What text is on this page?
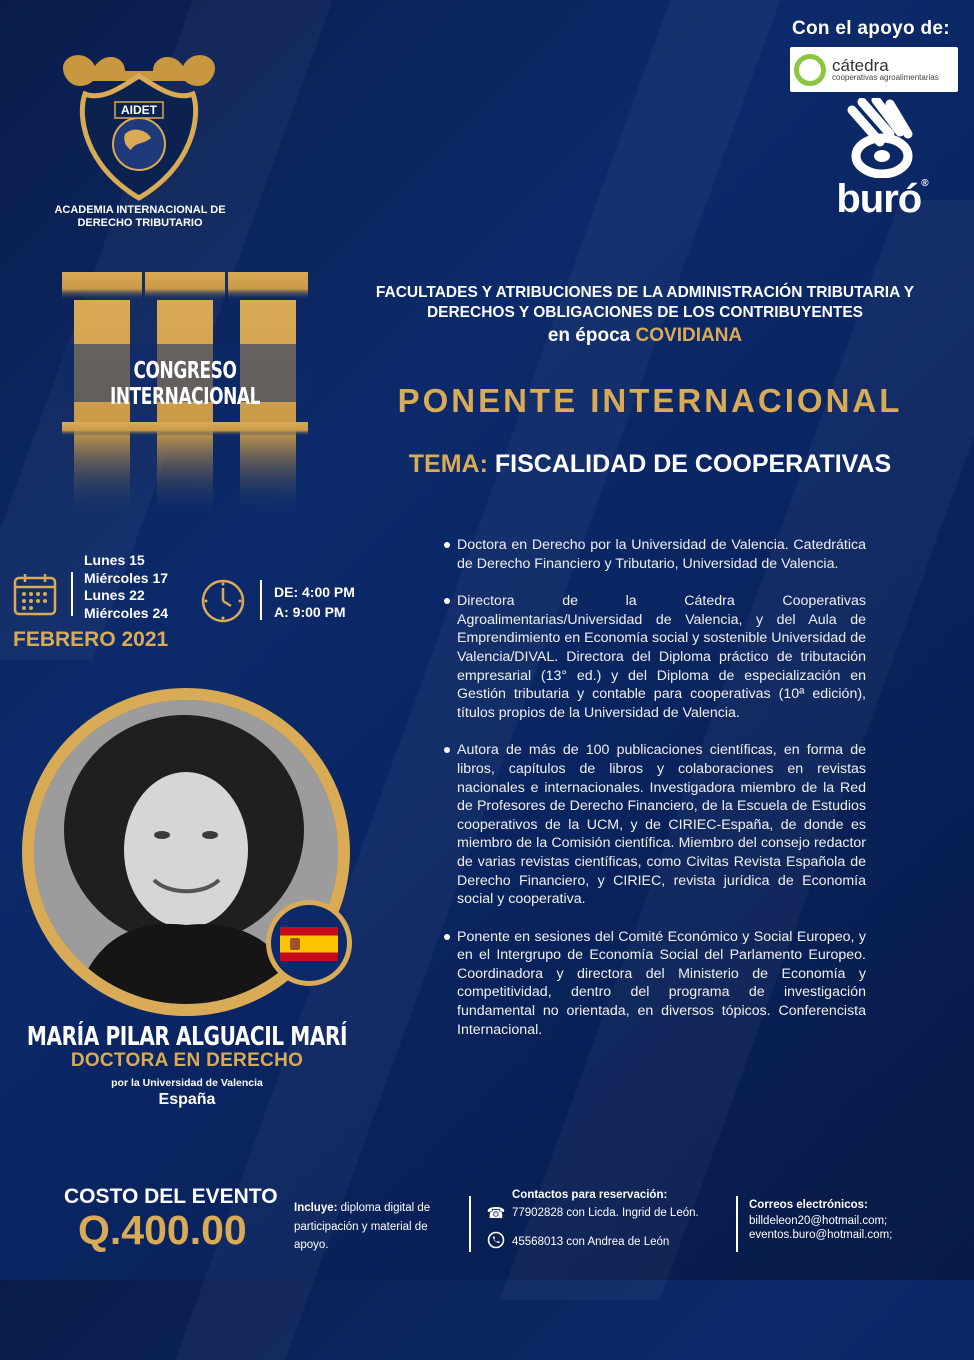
Con el apoyo de:
cátedra
cooperativas agroalimentarias
buró®
AIDET
ACADEMIA INTERNACIONAL DE
DERECHO TRIBUTARIO
CONGRESO INTERNACIONAL
Lunes 15
Miércoles 17
Lunes 22
Miércoles 24
DE: 4:00 PM
A: 9:00 PM
FEBRERO 2021
MARÍA PILAR ALGUACIL MARÍ
DOCTORA EN DERECHO
por la Universidad de Valencia
España
FACULTADES Y ATRIBUCIONES DE LA ADMINISTRACIÓN TRIBUTARIA Y
DERECHOS Y OBLIGACIONES DE LOS CONTRIBUYENTES
en época COVIDIANA
PONENTE INTERNACIONAL
TEMA: FISCALIDAD DE COOPERATIVAS
Doctora en Derecho por la Universidad de Valencia. Catedrática de Derecho Financiero y Tributario, Universidad de Valencia.
Directora de la Cátedra Cooperativas Agroalimentarias/Universidad de Valencia, y del Aula de Emprendimiento en Economía social y sostenible Universidad de Valencia/DIVAL. Directora del Diploma práctico de tributación empresarial (13° ed.) y del Diploma de especialización en Gestión tributaria y contable para cooperativas (10ª edición), títulos propios de la Universidad de Valencia.
Autora de más de 100 publicaciones científicas, en forma de libros, capítulos de libros y colaboraciones en revistas nacionales e internacionales. Investigadora miembro de la Red de Profesores de Derecho Financiero, de la Escuela de Estudios cooperativos de la UCM, y de CIRIEC-España, de donde es miembro de la Comisión científica. Miembro del consejo redactor de varias revistas científicas, como Civitas Revista Española de Derecho Financiero, y CIRIEC, revista jurídica de Economía social y cooperativa.
Ponente en sesiones del Comité Económico y Social Europeo, y en el Intergrupo de Economía Social del Parlamento Europeo. Coordinadora y directora del Ministerio de Economía y competitividad, dentro del programa de investigación fundamental no orientada, en diversos tópicos. Conferencista Internacional.
COSTO DEL EVENTO
Q.400.00	Incluye: diploma digital de participación y material de apoyo.
Contactos para reservación:
☎ 77902828 con Licda. Ingrid de León.
45568013 con Andrea de León
Correos electrónicos:
billdeleon20@hotmail.com;
eventos.buro@hotmail.com;
